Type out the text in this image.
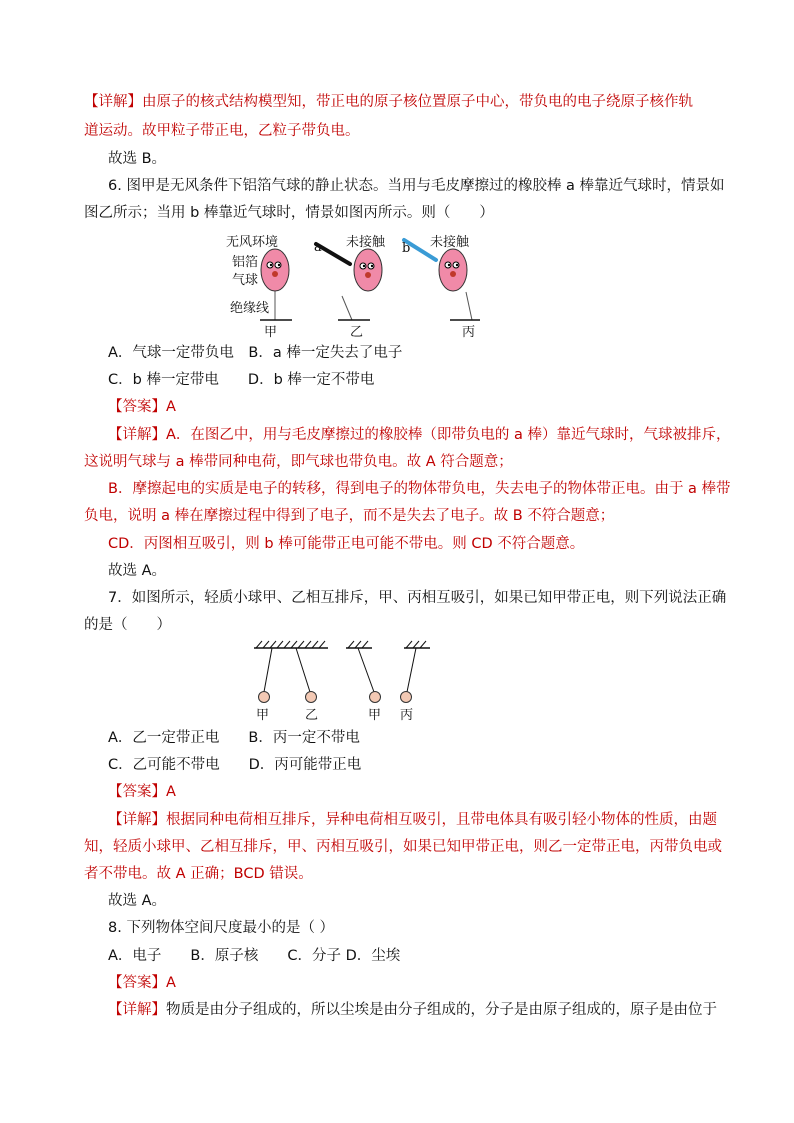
【详解】由原子的核式结构模型知，带正电的原子核位置原子中心，带负电的电子绕原子核作轨
道运动。故甲粒子带正电，乙粒子带负电。
故选 B。
6. 图甲是无风条件下铝箔气球的静止状态。当用与毛皮摩擦过的橡胶棒 a 棒靠近气球时，情景如
图乙所示；当用 b 棒靠近气球时，情景如图丙所示。则（　　）
无风环境
铝箔
气球
绝缘线
a	b
未接触	未接触
甲	乙	丙
A．气球一定带负电　B．a 棒一定失去了电子
C．b 棒一定带电　　D．b 棒一定不带电
【答案】A
【详解】A．在图乙中，用与毛皮摩擦过的橡胶棒（即带负电的 a 棒）靠近气球时，气球被排斥，
这说明气球与 a 棒带同种电荷，即气球也带负电。故 A 符合题意；
B．摩擦起电的实质是电子的转移，得到电子的物体带负电，失去电子的物体带正电。由于 a 棒带
负电，说明 a 棒在摩擦过程中得到了电子，而不是失去了电子。故 B 不符合题意；
CD．丙图相互吸引，则 b 棒可能带正电可能不带电。则 CD 不符合题意。
故选 A。
7．如图所示，轻质小球甲、乙相互排斥，甲、丙相互吸引，如果已知甲带正电，则下列说法正确
的是（　　）
甲	乙	甲 丙
A．乙一定带正电　　B．丙一定不带电
C．乙可能不带电　　D．丙可能带正电
【答案】A
【详解】根据同种电荷相互排斥，异种电荷相互吸引，且带电体具有吸引轻小物体的性质，由题
知，轻质小球甲、乙相互排斥，甲、丙相互吸引，如果已知甲带正电，则乙一定带正电，丙带负电或
者不带电。故 A 正确；BCD 错误。
故选 A。
8. 下列物体空间尺度最小的是（ ）
A．电子　　B．原子核　　C．分子 D．尘埃
【答案】A
【详解】物质是由分子组成的，所以尘埃是由分子组成的，分子是由原子组成的，原子是由位于
